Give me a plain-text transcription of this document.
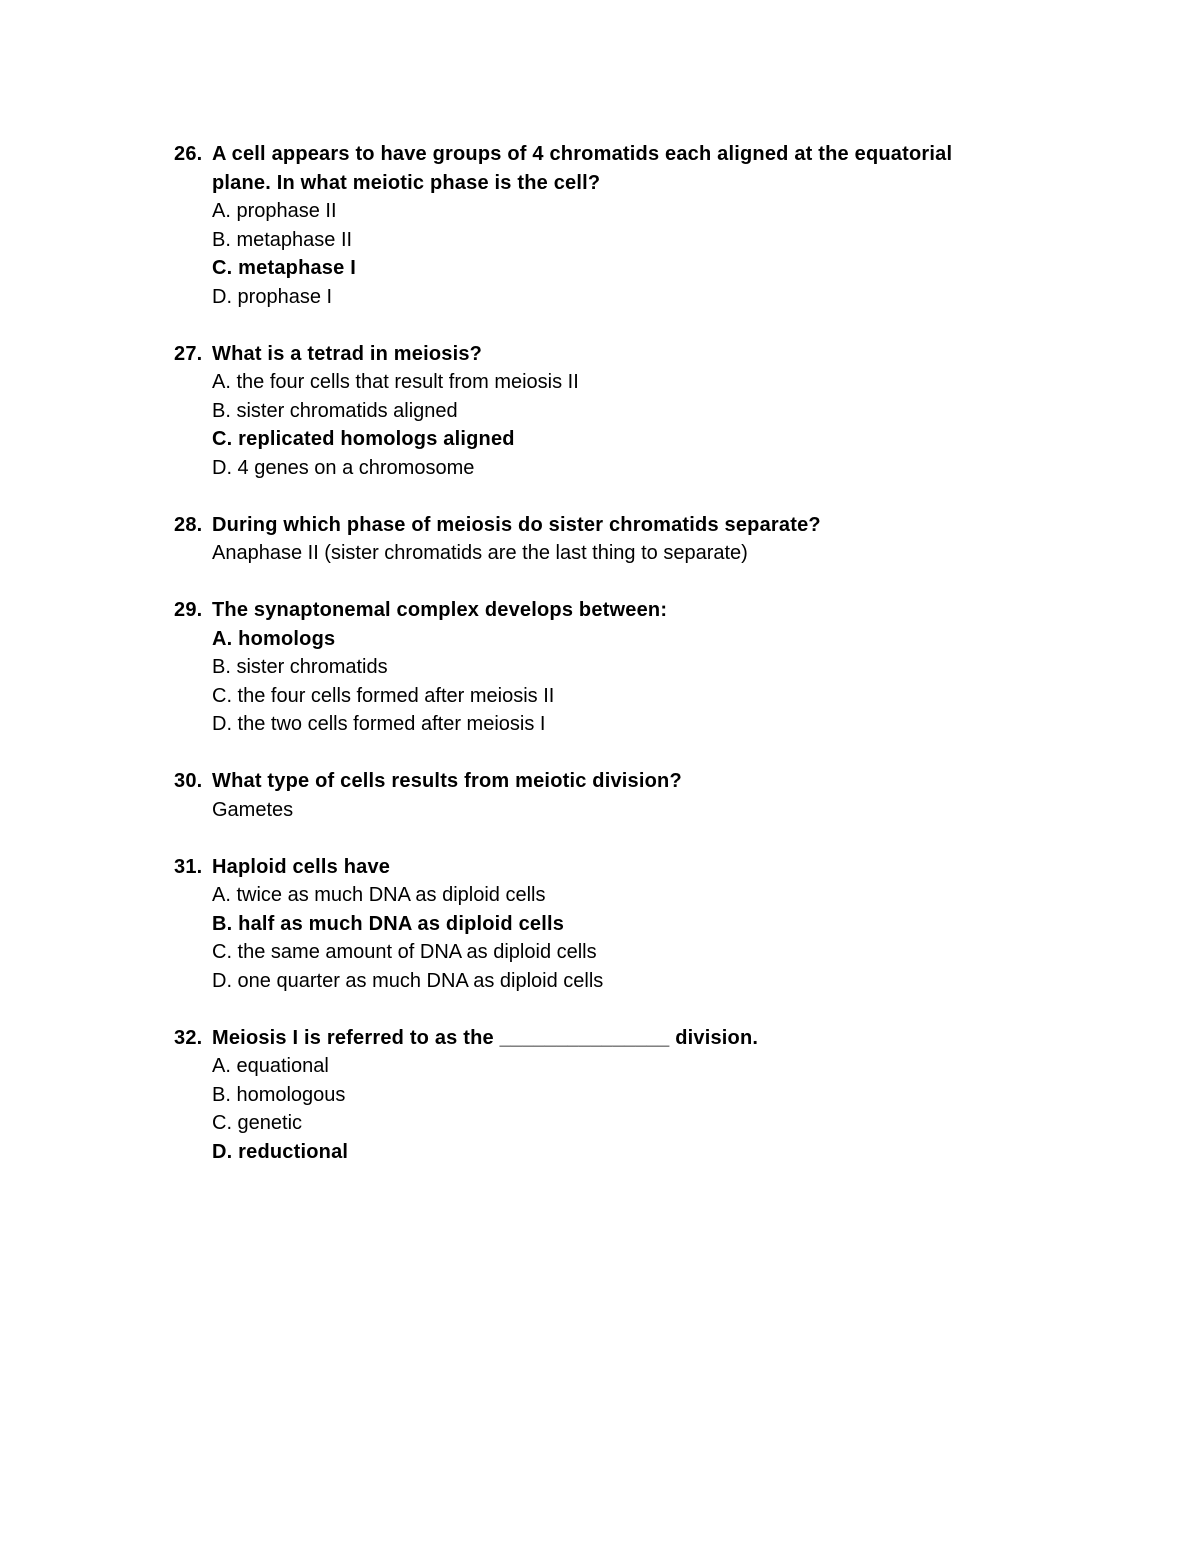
26. A cell appears to have groups of 4 chromatids each aligned at the equatorial plane. In what meiotic phase is the cell?
A. prophase II
B. metaphase II
C. metaphase I
D. prophase I
27. What is a tetrad in meiosis?
A. the four cells that result from meiosis II
B. sister chromatids aligned
C. replicated homologs aligned
D. 4 genes on a chromosome
28. During which phase of meiosis do sister chromatids separate?
Anaphase II (sister chromatids are the last thing to separate)
29. The synaptonemal complex develops between:
A. homologs
B. sister chromatids
C. the four cells formed after meiosis II
D. the two cells formed after meiosis I
30. What type of cells results from meiotic division?
Gametes
31. Haploid cells have
A. twice as much DNA as diploid cells
B. half as much DNA as diploid cells
C. the same amount of DNA as diploid cells
D. one quarter as much DNA as diploid cells
32. Meiosis I is referred to as the _______________ division.
A. equational
B. homologous
C. genetic
D. reductional
